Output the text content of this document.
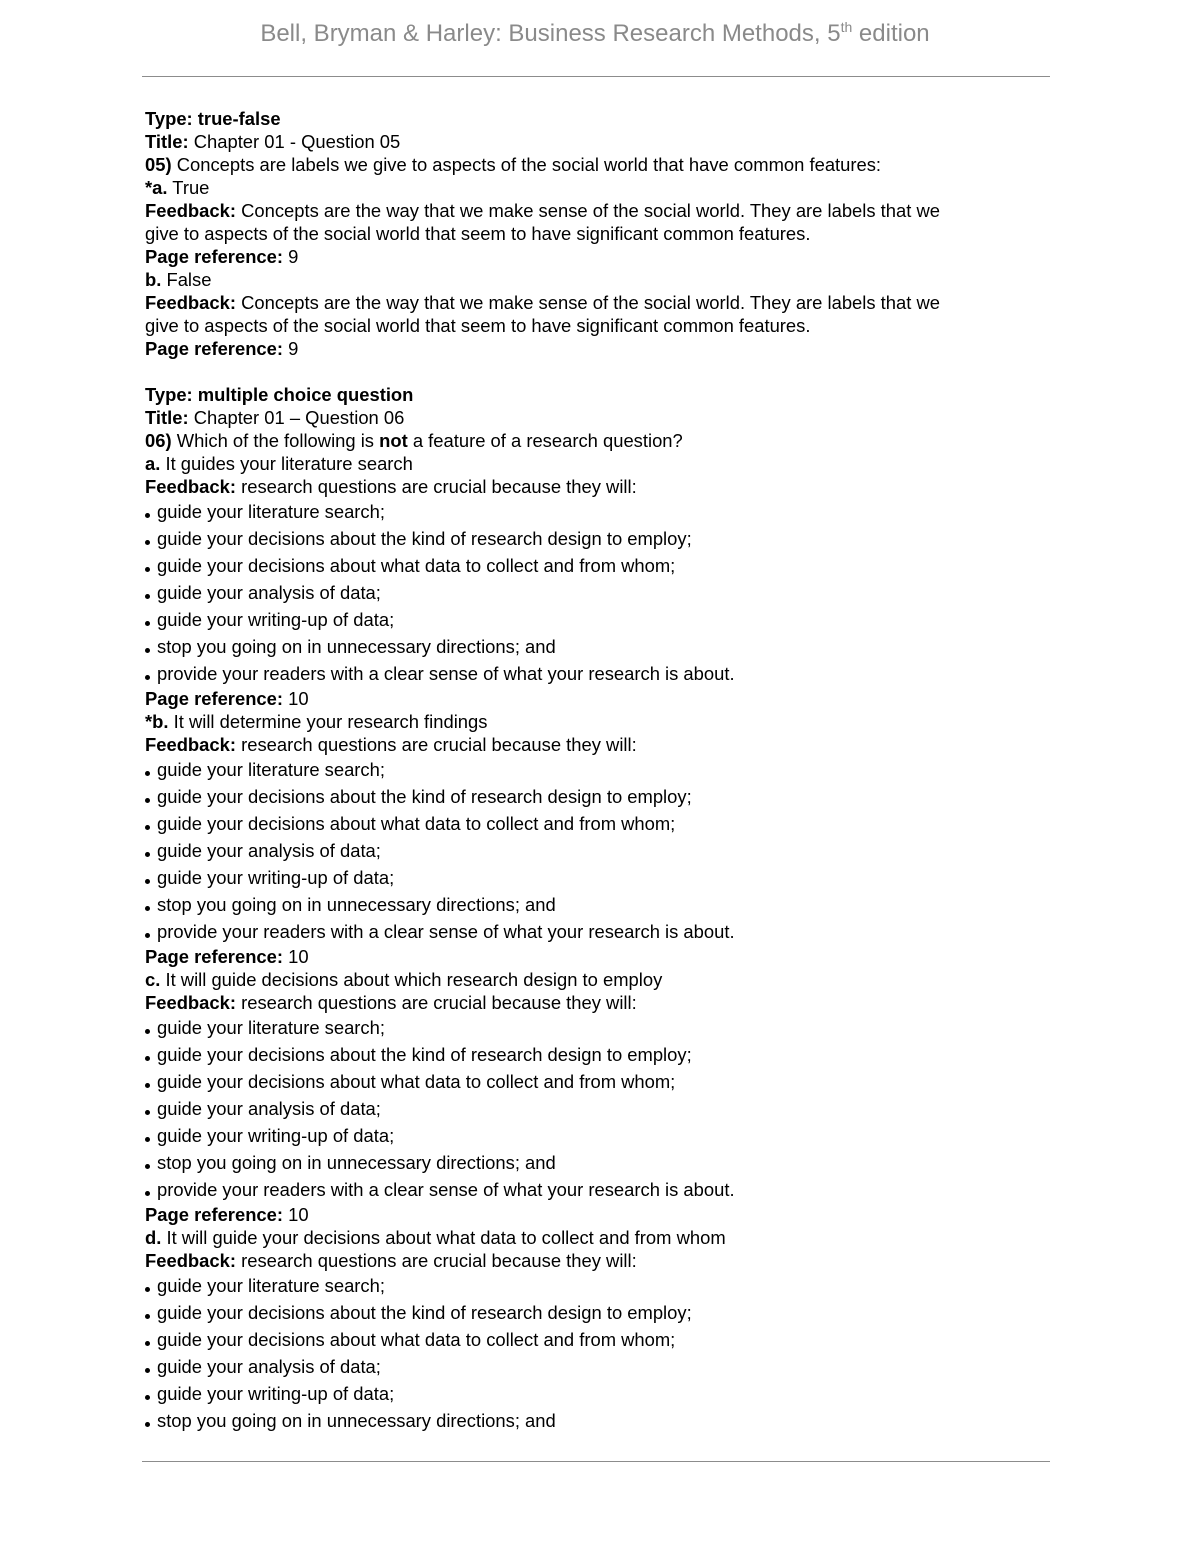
Bell, Bryman & Harley: Business Research Methods, 5th edition
Type: true-false
Title: Chapter 01 - Question 05
05) Concepts are labels we give to aspects of the social world that have common features:
*a. True
Feedback: Concepts are the way that we make sense of the social world. They are labels that we
give to aspects of the social world that seem to have significant common features.
Page reference: 9
b. False
Feedback: Concepts are the way that we make sense of the social world. They are labels that we
give to aspects of the social world that seem to have significant common features.
Page reference: 9
Type: multiple choice question
Title: Chapter 01 – Question 06
06) Which of the following is not a feature of a research question?
a. It guides your literature search
Feedback: research questions are crucial because they will:
guide your literature search;
guide your decisions about the kind of research design to employ;
guide your decisions about what data to collect and from whom;
guide your analysis of data;
guide your writing-up of data;
stop you going on in unnecessary directions; and
provide your readers with a clear sense of what your research is about.
Page reference: 10
*b. It will determine your research findings
Feedback: research questions are crucial because they will:
guide your literature search;
guide your decisions about the kind of research design to employ;
guide your decisions about what data to collect and from whom;
guide your analysis of data;
guide your writing-up of data;
stop you going on in unnecessary directions; and
provide your readers with a clear sense of what your research is about.
Page reference: 10
c. It will guide decisions about which research design to employ
Feedback: research questions are crucial because they will:
guide your literature search;
guide your decisions about the kind of research design to employ;
guide your decisions about what data to collect and from whom;
guide your analysis of data;
guide your writing-up of data;
stop you going on in unnecessary directions; and
provide your readers with a clear sense of what your research is about.
Page reference: 10
d. It will guide your decisions about what data to collect and from whom
Feedback: research questions are crucial because they will:
guide your literature search;
guide your decisions about the kind of research design to employ;
guide your decisions about what data to collect and from whom;
guide your analysis of data;
guide your writing-up of data;
stop you going on in unnecessary directions; and
